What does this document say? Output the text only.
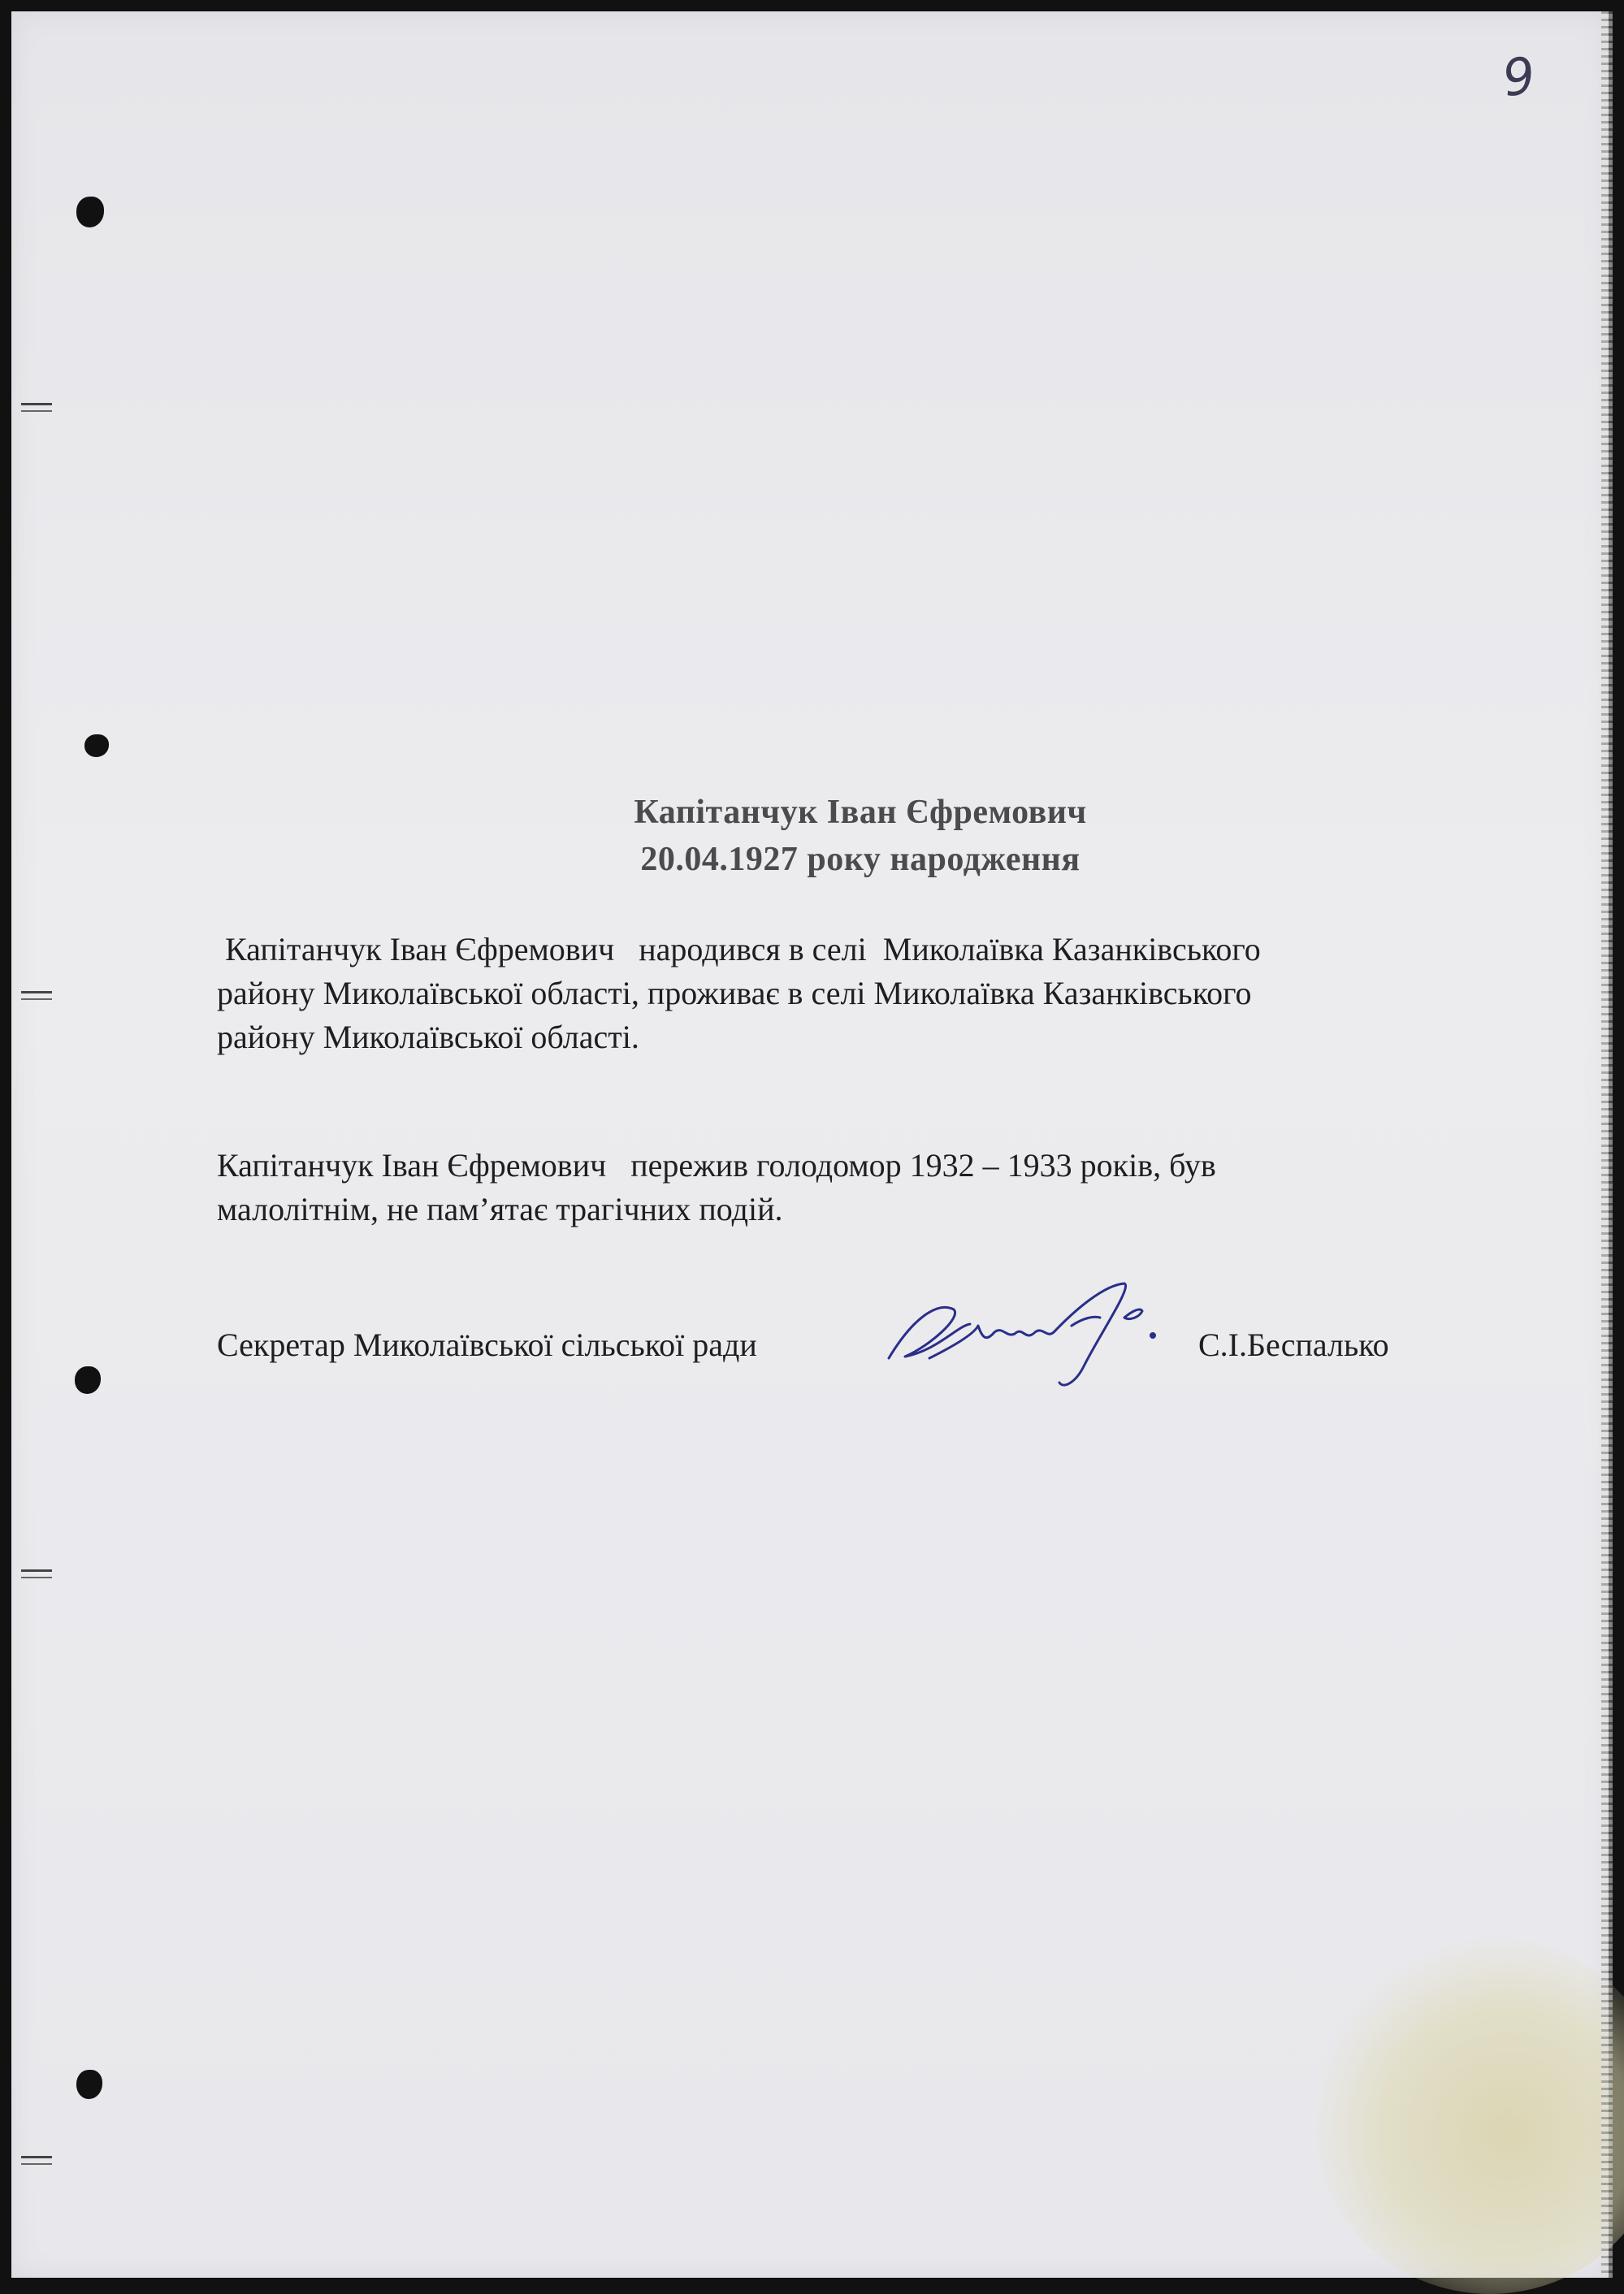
9
Капітанчук Іван Єфремович
20.04.1927 року народження
Капітанчук Іван Єфремович   народився в селі  Миколаївка Казанківського
району Миколаївської області, проживає в селі Миколаївка Казанківського
району Миколаївської області.
Капітанчук Іван Єфремович   пережив голодомор 1932 – 1933 років, був
малолітнім, не пам’ятає трагічних подій.
Секретар Миколаївської сільської ради	С.І.Беспалько
